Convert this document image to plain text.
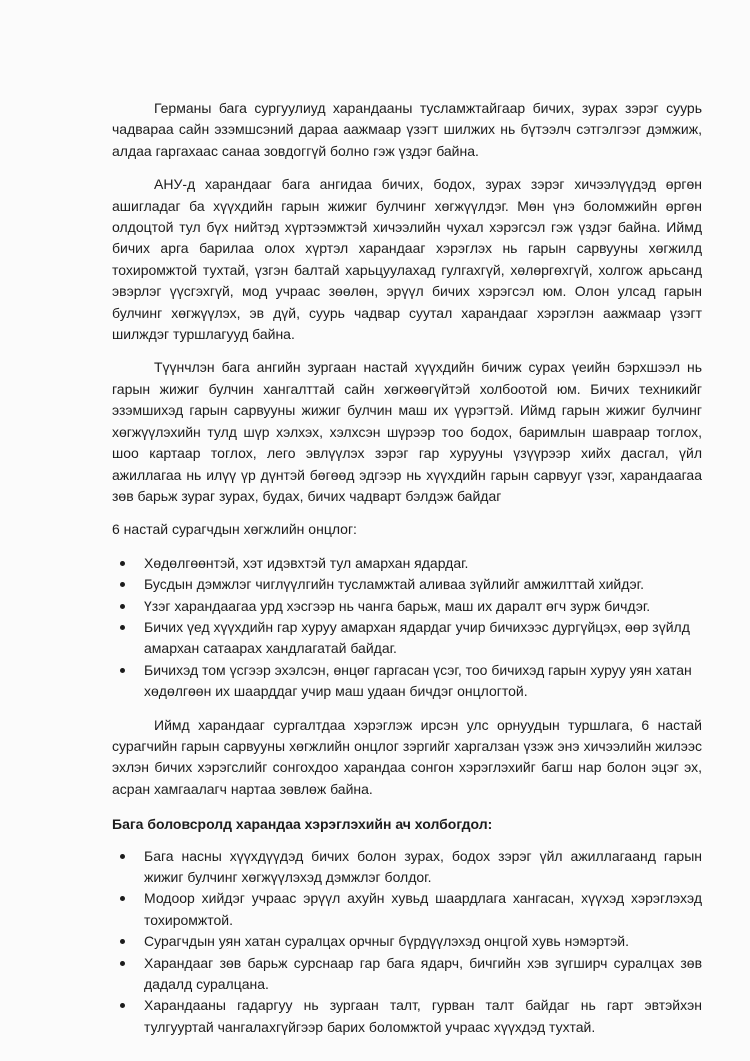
Германы бага сургуулиуд харандааны тусламжтайгаар бичих, зурах зэрэг суурь чадвараа сайн эзэмшсэний дараа аажмаар үзэгт шилжих нь бүтээлч сэтгэлгээг дэмжиж, алдаа гаргахаас санаа зовдоггүй болно гэж үздэг байна.

АНУ-д харандааг бага ангидаа бичих, бодох, зурах зэрэг хичээлүүдэд өргөн ашигладаг ба хүүхдийн гарын жижиг булчинг хөгжүүлдэг. Мөн үнэ боломжийн өргөн олдоцтой тул бүх нийтэд хүртээмжтэй хичээлийн чухал хэрэгсэл гэж үздэг байна. Иймд бичих арга барилаа олох хүртэл харандааг хэрэглэх нь гарын сарвууны хөгжилд тохиромжтой тухтай, үзгэн балтай харьцуулахад гулгахгүй, хөлөргөхгүй, холгож арьсанд эвэрлэг үүсгэхгүй, мод учраас зөөлөн, эрүүл бичих хэрэгсэл юм. Олон улсад гарын булчинг хөгжүүлэх, эв дүй, суурь чадвар суутал харандааг хэрэглэн аажмаар үзэгт шилждэг туршлагууд байна.

Түүнчлэн бага ангийн зургаан настай хүүхдийн бичиж сурах үеийн бэрхшээл нь гарын жижиг булчин хангалттай сайн хөгжөөгүйтэй холбоотой юм. Бичих техникийг эзэмшихэд гарын сарвууны жижиг булчин маш их үүрэгтэй. Иймд гарын жижиг булчинг хөгжүүлэхийн тулд шүр хэлхэх, хэлхсэн шүрээр тоо бодох, баримлын шавраар тоглох, шоо картаар тоглох, лего эвлүүлэх зэрэг гар хурууны үзүүрээр хийх дасгал, үйл ажиллагаа нь илүү үр дүнтэй бөгөөд эдгээр нь хүүхдийн гарын сарвууг үзэг, харандаагаа зөв барьж зураг зурах, будах, бичих чадварт бэлдэж байдаг

6 настай сурагчдын хөгжлийн онцлог:

Хөдөлгөөнтэй, хэт идэвхтэй тул амархан ядардаг.
Бусдын дэмжлэг чиглүүлгийн тусламжтай аливаа зүйлийг амжилттай хийдэг.
Үзэг харандаагаа урд хэсгээр нь чанга барьж, маш их даралт өгч зурж бичдэг.
Бичих үед хүүхдийн гар хуруу амархан ядардаг учир бичихээс дургүйцэх, өөр зүйлд амархан сатаарах хандлагатай байдаг.
Бичихэд том үсгээр эхэлсэн, өнцөг гаргасан үсэг, тоо бичихэд гарын хуруу уян хатан хөдөлгөөн их шаарддаг учир маш удаан бичдэг онцлогтой.

Иймд харандааг сургалтдаа хэрэглэж ирсэн улс орнуудын туршлага, 6 настай сурагчийн гарын сарвууны хөгжлийн онцлог зэргийг харгалзан үзэж энэ хичээлийн жилээс эхлэн бичих хэрэгслийг сонгохдоо харандаа сонгон хэрэглэхийг багш нар болон эцэг эх, асран хамгаалагч нартаа зөвлөж байна.

Бага боловсролд харандаа хэрэглэхийн ач холбогдол:

Бага насны хүүхдүүдэд бичих болон зурах, бодох зэрэг үйл ажиллагаанд гарын жижиг булчинг хөгжүүлэхэд дэмжлэг болдог.
Модоор хийдэг учраас эрүүл ахуйн хувьд шаардлага хангасан, хүүхэд хэрэглэхэд тохиромжтой.
Сурагчдын уян хатан суралцах орчныг бүрдүүлэхэд онцгой хувь нэмэртэй.
Харандааг зөв барьж сурснаар гар бага ядарч, бичгийн хэв зүгширч суралцах зөв дадалд суралцана.
Харандааны гадаргуу нь зургаан талт, гурван талт байдаг нь гарт эвтэйхэн тулгууртай чангалахгүйгээр барих боломжтой учраас хүүхдэд тухтай.
